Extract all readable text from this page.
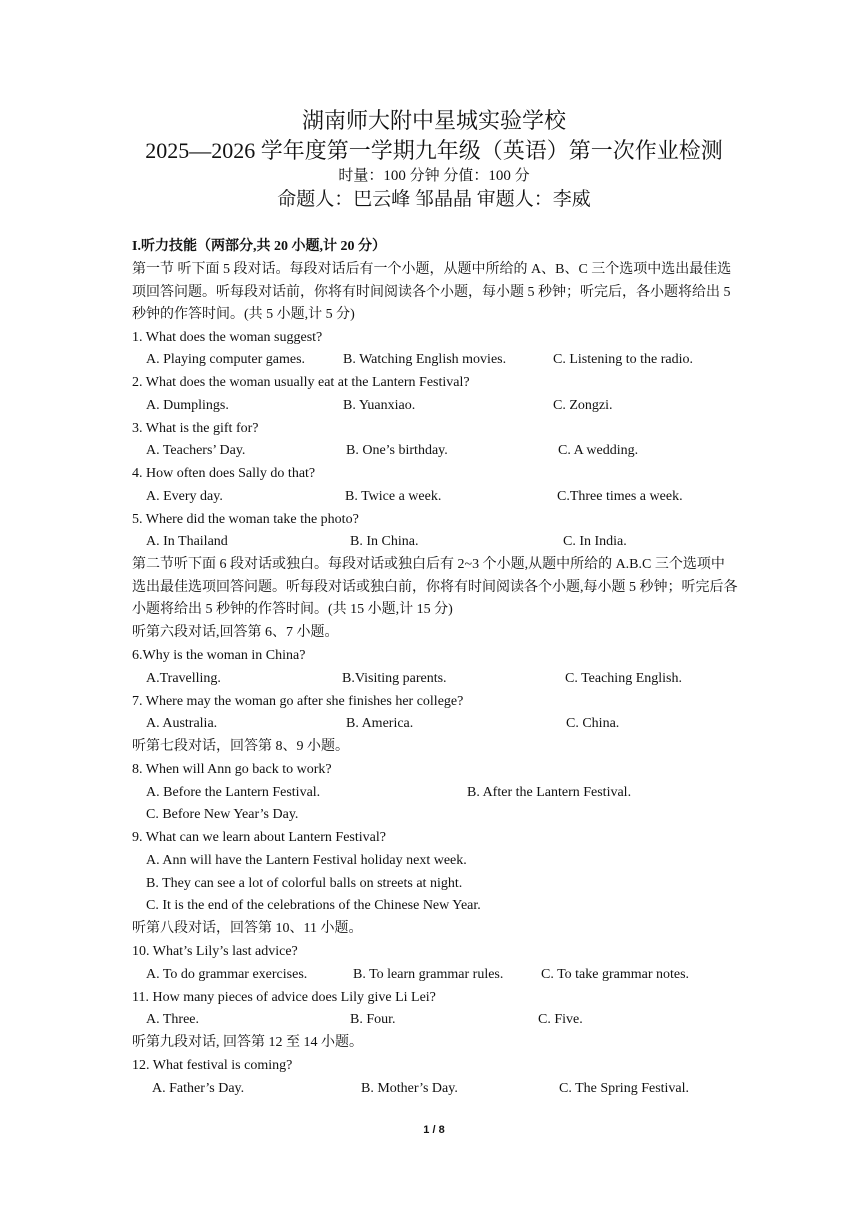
湖南师大附中星城实验学校
2025—2026 学年度第一学期九年级（英语）第一次作业检测
时量：100 分钟 分值：100 分
命题人：巴云峰 邹晶晶 审题人：李威
I.听力技能（两部分,共 20 小题,计 20 分）
第一节 听下面 5 段对话。每段对话后有一个小题，从题中所给的 A、B、C 三个选项中选出最佳选项回答问题。听每段对话前，你将有时间阅读各个小题，每小题 5 秒钟；听完后，各小题将给出 5 秒钟的作答时间。(共 5 小题,计 5 分)
1. What does the woman suggest?
A. Playing computer games.	B. Watching English movies.	C. Listening to the radio.
2. What does the woman usually eat at the Lantern Festival?
A. Dumplings.	B. Yuanxiao.	C. Zongzi.
3. What is the gift for?
A. Teachers’ Day.	B. One’s birthday.	C. A wedding.
4. How often does Sally do that?
A. Every day.	B. Twice a week.	C.Three times a week.
5. Where did the woman take the photo?
A. In Thailand	B. In China.	C. In India.
第二节听下面 6 段对话或独白。每段对话或独白后有 2~3 个小题,从题中所给的 A.B.C 三个选项中选出最佳选项回答问题。听每段对话或独白前，你将有时间阅读各个小题,每小题 5 秒钟；听完后各小题将给出 5 秒钟的作答时间。(共 15 小题,计 15 分)
听第六段对话,回答第 6、7 小题。
6.Why is the woman in China?
A.Travelling.	B.Visiting parents.	C. Teaching English.
7. Where may the woman go after she finishes her college?
A. Australia.	B. America.	C. China.
听第七段对话，回答第 8、9 小题。
8. When will Ann go back to work?
A. Before the Lantern Festival.	B. After the Lantern Festival.
C. Before New Year’s Day.
9. What can we learn about Lantern Festival?
A. Ann will have the Lantern Festival holiday next week.
B. They can see a lot of colorful balls on streets at night.
C. It is the end of the celebrations of the Chinese New Year.
听第八段对话，回答第 10、11 小题。
10. What’s Lily’s last advice?
A. To do grammar exercises.	B. To learn grammar rules.	C. To take grammar notes.
11. How many pieces of advice does Lily give Li Lei?
A. Three.	B. Four.	C. Five.
听第九段对话, 回答第 12 至 14 小题。
12. What festival is coming?
A. Father’s Day.	B. Mother’s Day.	C. The Spring Festival.
1 / 8
